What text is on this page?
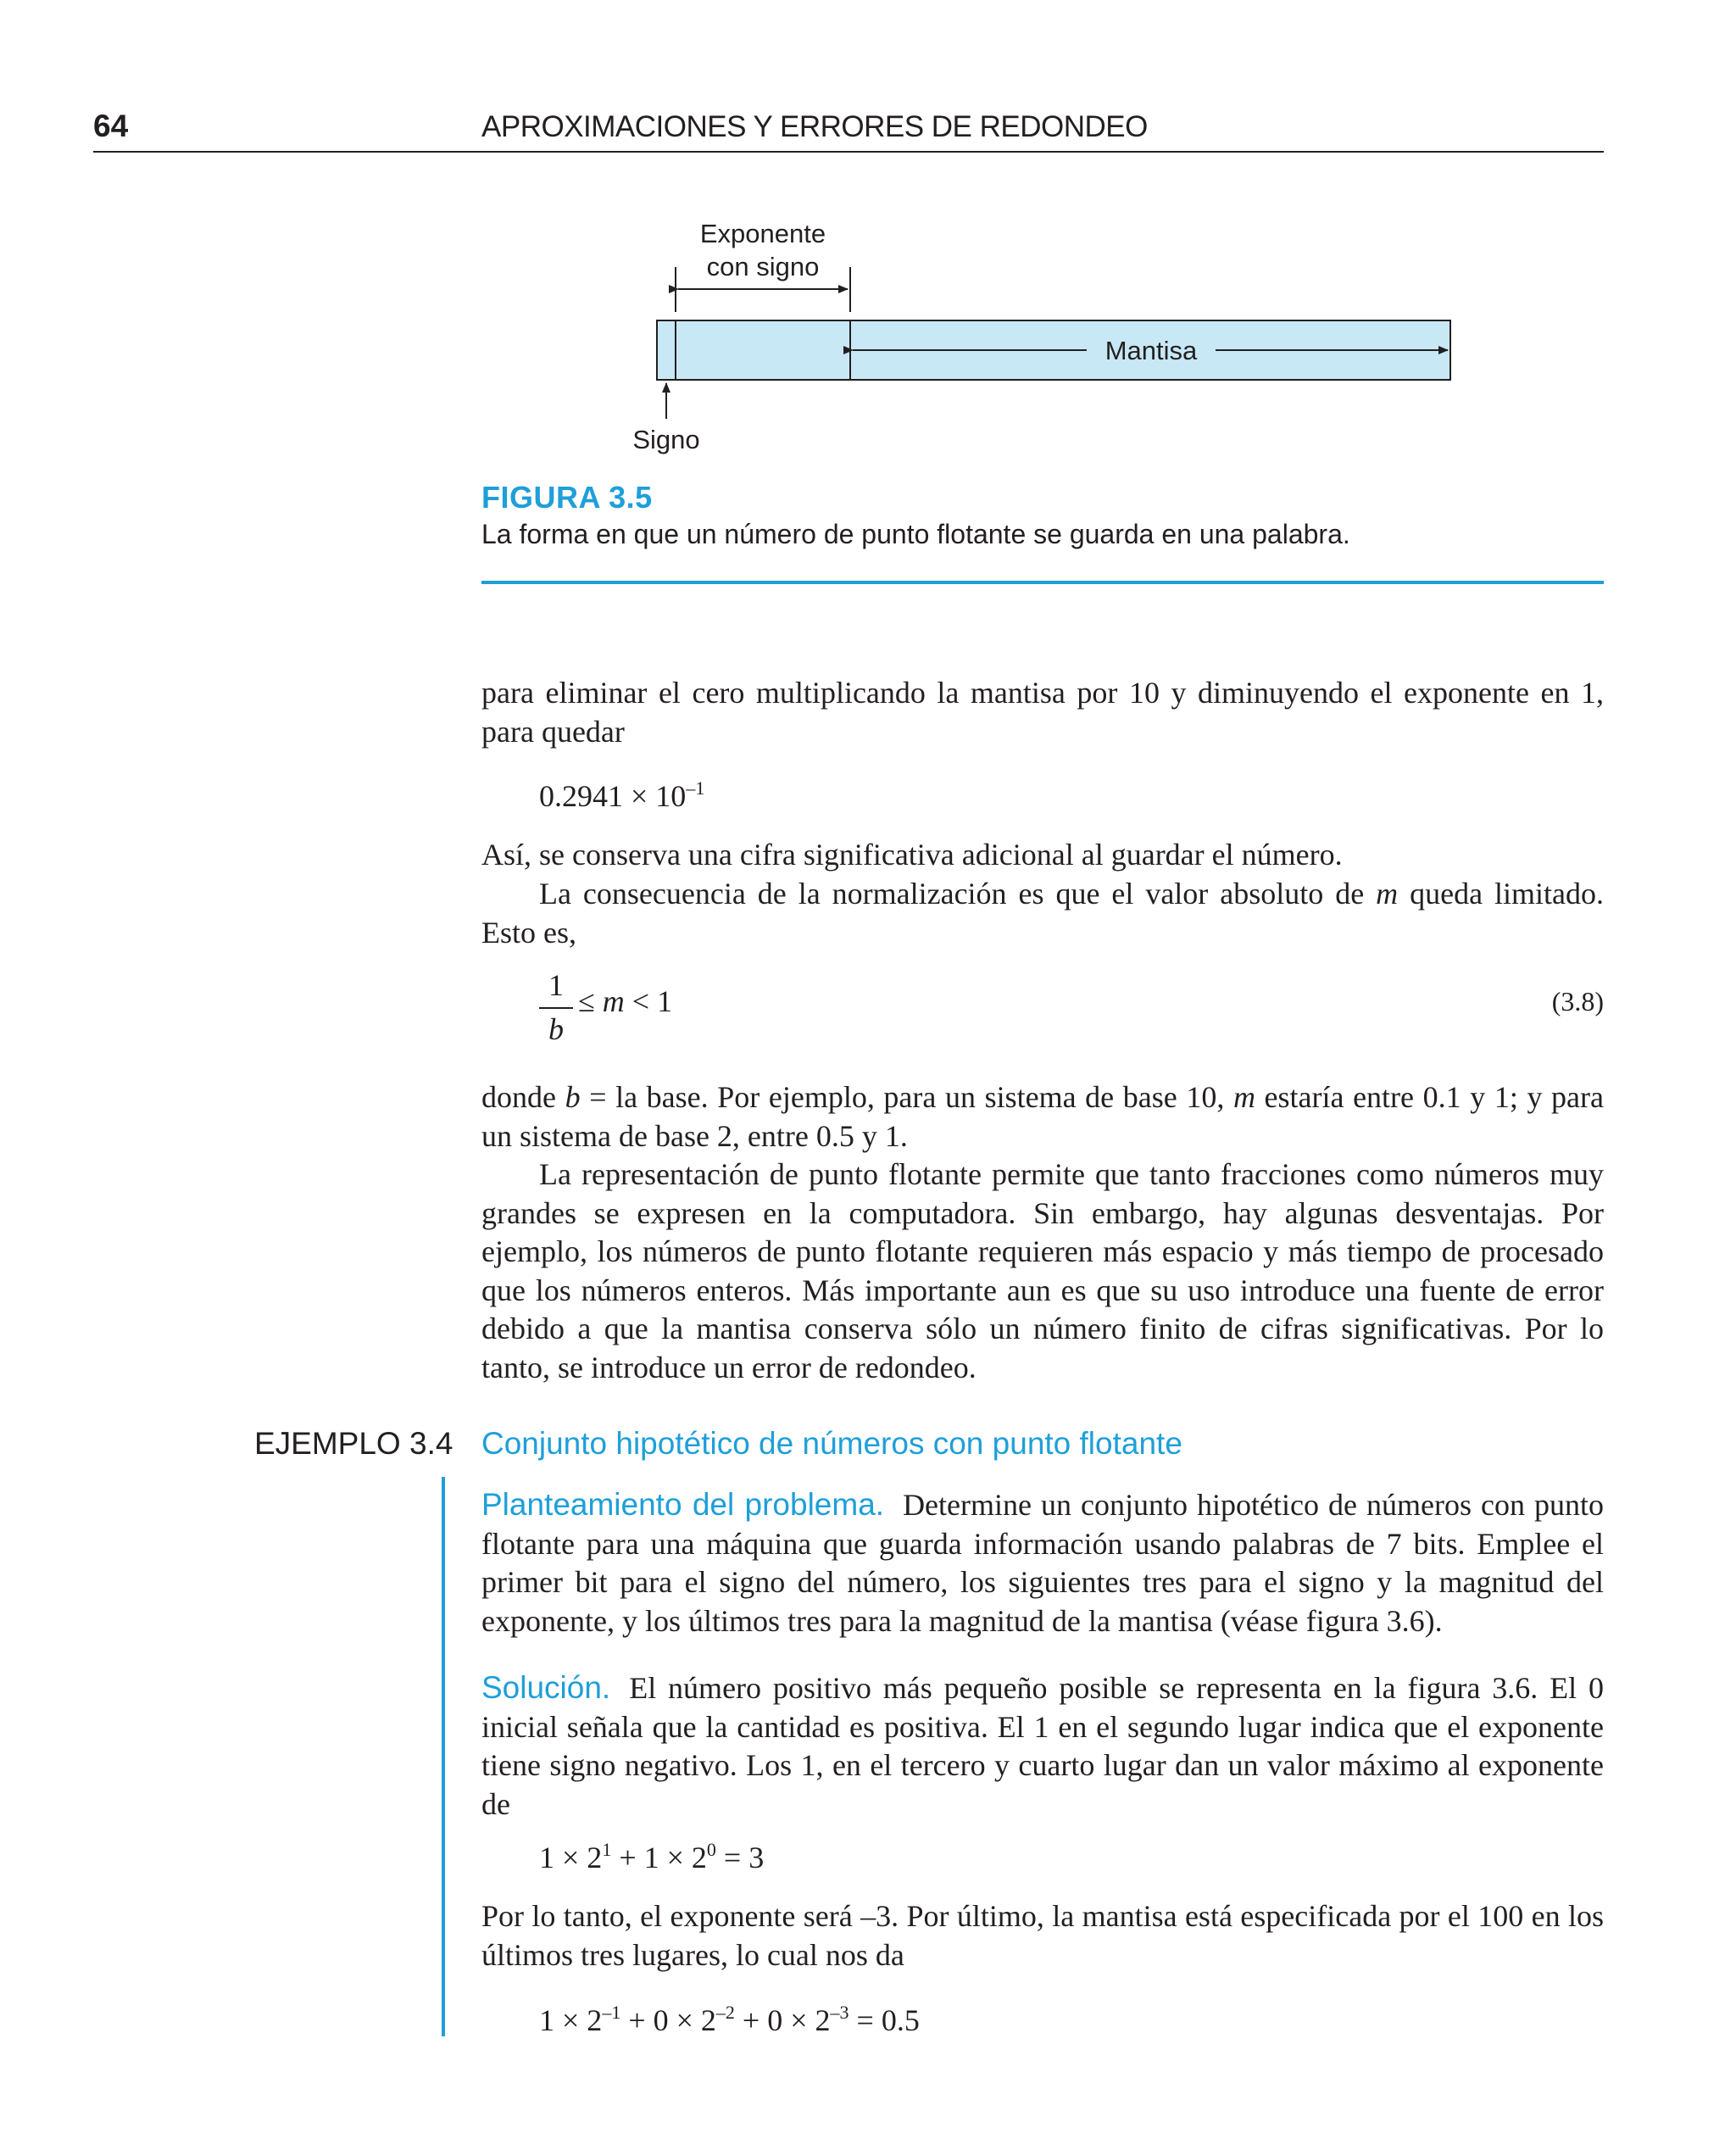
64	APROXIMACIONES Y ERRORES DE REDONDEO
Exponente
con signo
Mantisa
Signo
FIGURA 3.5
La forma en que un número de punto flotante se guarda en una palabra.

para eliminar el cero multiplicando la mantisa por 10 y diminuyendo el exponente en 1, para quedar

$0.2941 \times 10^{-1}$

Así, se conserva una cifra significativa adicional al guardar el número.

La consecuencia de la normalización es que el valor absoluto de m queda limitado. Esto es,

1
b
≤ m < 1	(3.8)

donde b = la base. Por ejemplo, para un sistema de base 10, m estaría entre 0.1 y 1; y para un sistema de base 2, entre 0.5 y 1.

La representación de punto flotante permite que tanto fracciones como números muy grandes se expresen en la computadora. Sin embargo, hay algunas desventajas. Por ejemplo, los números de punto flotante requieren más espacio y más tiempo de procesado que los números enteros. Más importante aun es que su uso introduce una fuente de error debido a que la mantisa conserva sólo un número finito de cifras significativas. Por lo tanto, se introduce un error de redondeo.

EJEMPLO 3.4 Conjunto hipotético de números con punto flotante

Planteamiento del problema. Determine un conjunto hipotético de números con punto flotante para una máquina que guarda información usando palabras de 7 bits. Emplee el primer bit para el signo del número, los siguientes tres para el signo y la magnitud del exponente, y los últimos tres para la magnitud de la mantisa (véase figura 3.6).

Solución. El número positivo más pequeño posible se representa en la figura 3.6. El 0 inicial señala que la cantidad es positiva. El 1 en el segundo lugar indica que el exponente tiene signo negativo. Los 1, en el tercero y cuarto lugar dan un valor máximo al exponente de

$1 \times 2^1 + 1 \times 2^0 = 3$

Por lo tanto, el exponente será –3. Por último, la mantisa está especificada por el 100 en los últimos tres lugares, lo cual nos da

$1 \times 2^{-1} + 0 \times 2^{-2} + 0 \times 2^{-3} = 0.5$
